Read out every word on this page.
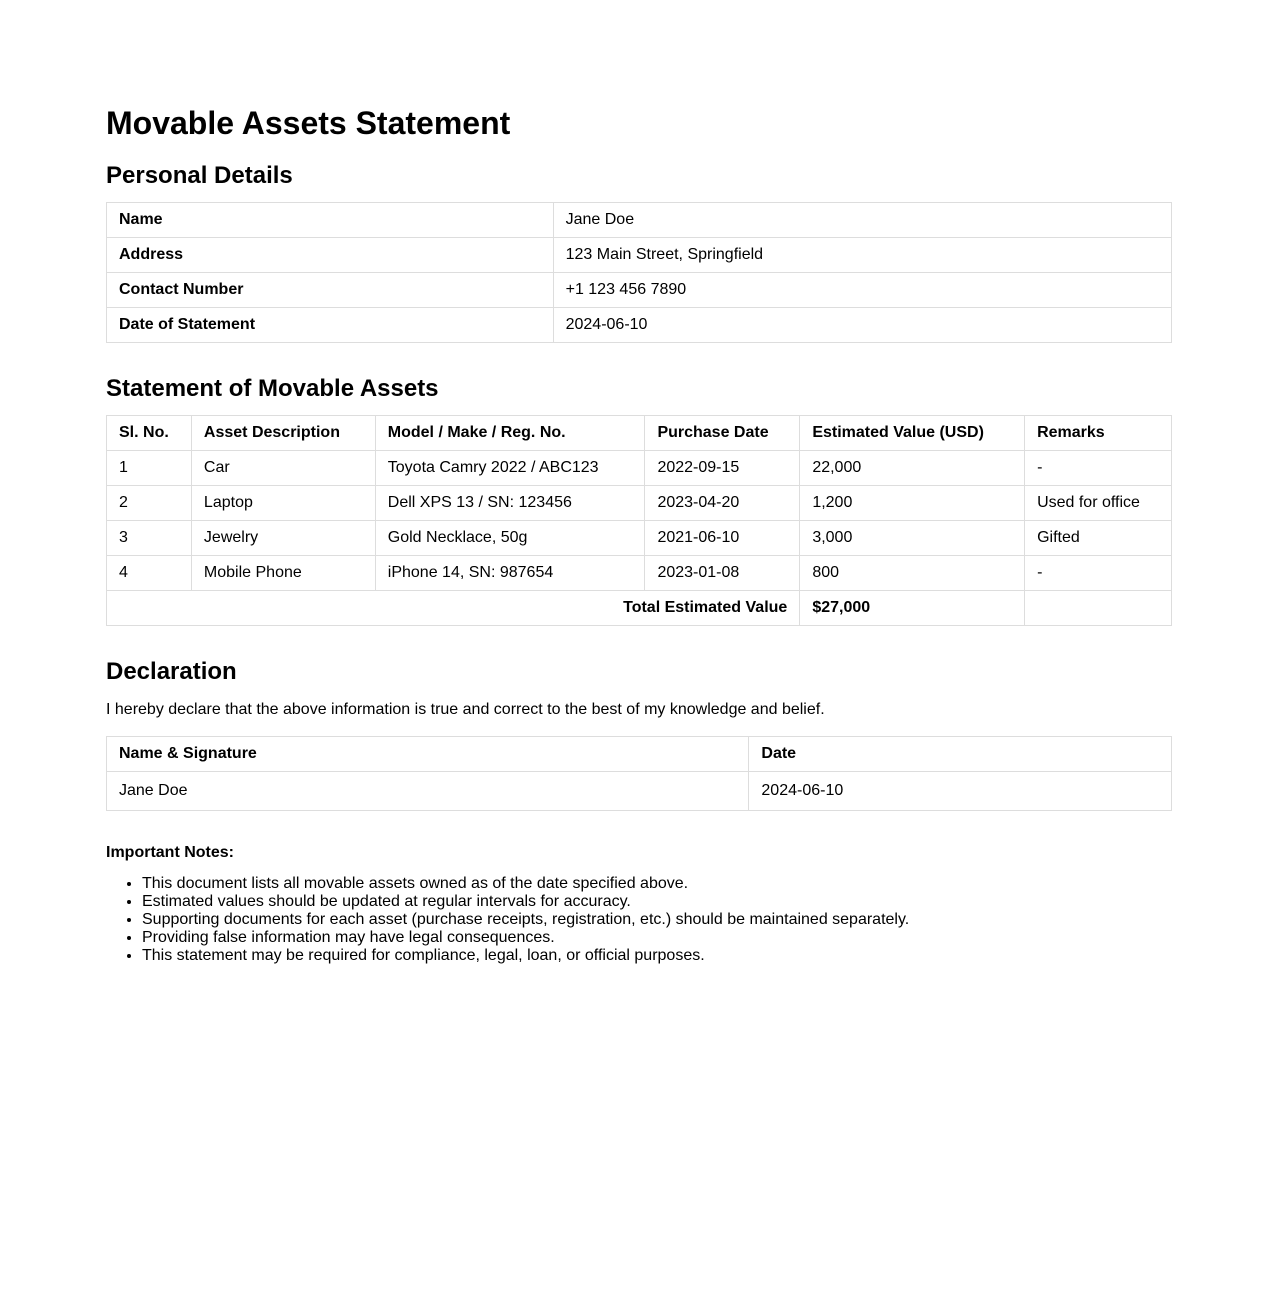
Movable Assets Statement
Personal Details
Name	Jane Doe
Address	123 Main Street, Springfield
Contact Number	+1 123 456 7890
Date of Statement	2024-06-10
Statement of Movable Assets
Sl. No.	Asset Description	Model / Make / Reg. No.	Purchase Date	Estimated Value (USD)	Remarks
1	Car	Toyota Camry 2022 / ABC123	2022-09-15	22,000	-
2	Laptop	Dell XPS 13 / SN: 123456	2023-04-20	1,200	Used for office
3	Jewelry	Gold Necklace, 50g	2021-06-10	3,000	Gifted
4	Mobile Phone	iPhone 14, SN: 987654	2023-01-08	800	-
Total Estimated Value				$27,000	
Declaration

I hereby declare that the above information is true and correct to the best of my knowledge and belief.

Name & Signature	Date
Jane Doe	2024-06-10

Important Notes:

• This document lists all movable assets owned as of the date specified above.
• Estimated values should be updated at regular intervals for accuracy.
• Supporting documents for each asset (purchase receipts, registration, etc.) should be maintained separately.
• Providing false information may have legal consequences.
• This statement may be required for compliance, legal, loan, or official purposes.
